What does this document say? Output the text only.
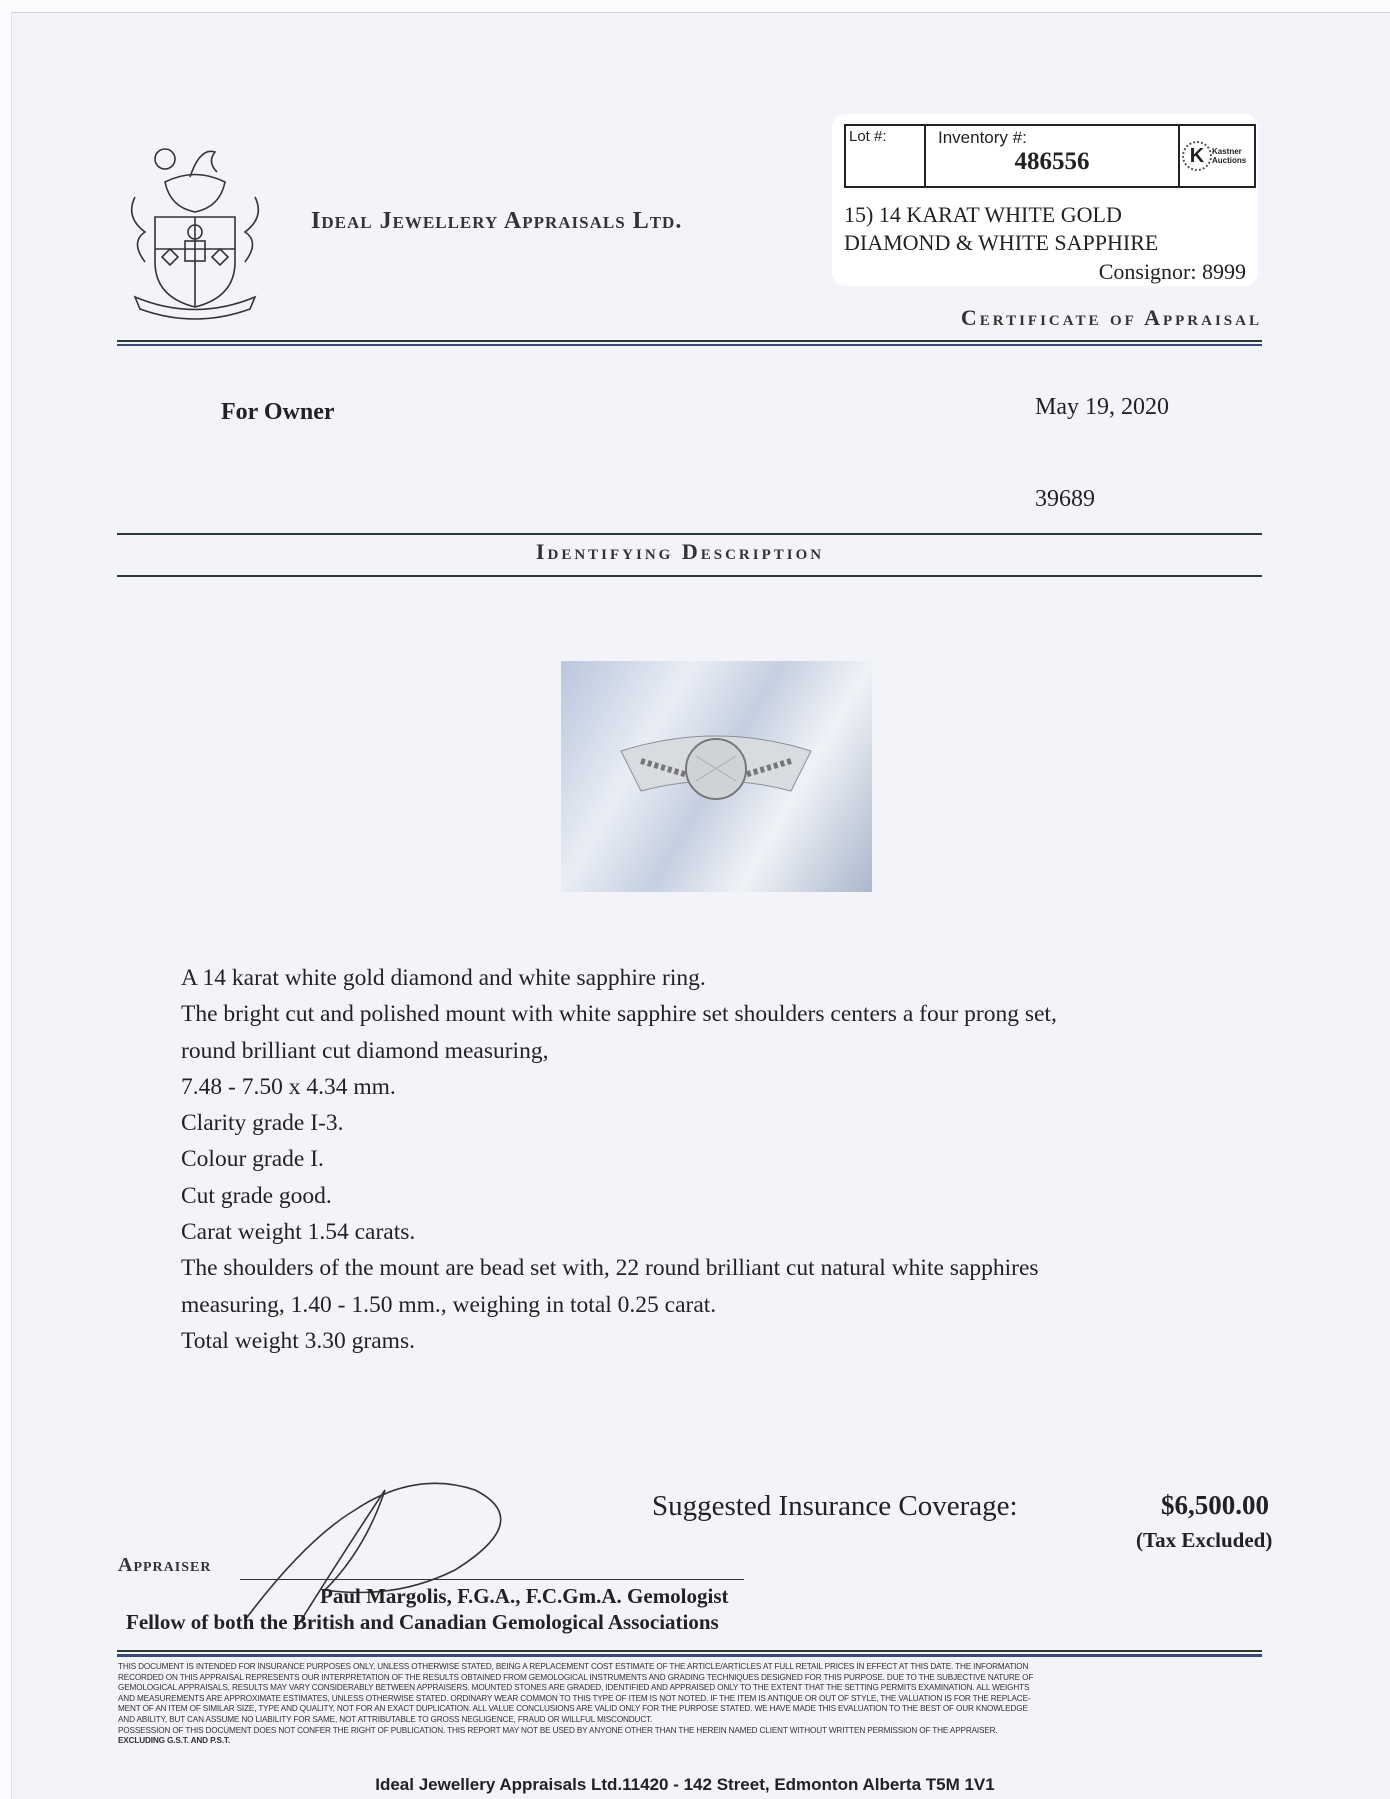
Ideal Jewellery Appraisals Ltd.
Lot #:	Inventory #:
486556	K Kastner Auctions
15) 14 KARAT WHITE GOLD
DIAMOND & WHITE SAPPHIRE
Consignor: 8999
Certificate of Appraisal
For Owner	May 19, 2020
39689
Identifying Description
A 14 karat white gold diamond and white sapphire ring.
The bright cut and polished mount with white sapphire set shoulders centers a four prong set,
round brilliant cut diamond measuring,
7.48 - 7.50 x 4.34 mm.
Clarity grade I-3.
Colour grade I.
Cut grade good.
Carat weight 1.54 carats.
The shoulders of the mount are bead set with, 22 round brilliant cut natural white sapphires
measuring, 1.40 - 1.50 mm., weighing in total 0.25 carat.
Total weight 3.30 grams.
Suggested Insurance Coverage:	$6,500.00
(Tax Excluded)
Appraiser
Paul Margolis, F.G.A., F.C.Gm.A. Gemologist
Fellow of both the British and Canadian Gemological Associations
THIS DOCUMENT IS INTENDED FOR INSURANCE PURPOSES ONLY, UNLESS OTHERWISE STATED, BEING A REPLACEMENT COST ESTIMATE OF THE ARTICLE/ARTICLES AT FULL RETAIL PRICES IN EFFECT AT THIS DATE. THE INFORMATION
RECORDED ON THIS APPRAISAL REPRESENTS OUR INTERPRETATION OF THE RESULTS OBTAINED FROM GEMOLOGICAL INSTRUMENTS AND GRADING TECHNIQUES DESIGNED FOR THIS PURPOSE. DUE TO THE SUBJECTIVE NATURE OF
GEMOLOGICAL APPRAISALS, RESULTS MAY VARY CONSIDERABLY BETWEEN APPRAISERS. MOUNTED STONES ARE GRADED, IDENTIFIED AND APPRAISED ONLY TO THE EXTENT THAT THE SETTING PERMITS EXAMINATION. ALL WEIGHTS
AND MEASUREMENTS ARE APPROXIMATE ESTIMATES, UNLESS OTHERWISE STATED. ORDINARY WEAR COMMON TO THIS TYPE OF ITEM IS NOT NOTED. IF THE ITEM IS ANTIQUE OR OUT OF STYLE, THE VALUATION IS FOR THE REPLACE-
MENT OF AN ITEM OF SIMILAR SIZE, TYPE AND QUALITY, NOT FOR AN EXACT DUPLICATION. ALL VALUE CONCLUSIONS ARE VALID ONLY FOR THE PURPOSE STATED. WE HAVE MADE THIS EVALUATION TO THE BEST OF OUR KNOWLEDGE
AND ABILITY, BUT CAN ASSUME NO LIABILITY FOR SAME, NOT ATTRIBUTABLE TO GROSS NEGLIGENCE, FRAUD OR WILLFUL MISCONDUCT.
POSSESSION OF THIS DOCUMENT DOES NOT CONFER THE RIGHT OF PUBLICATION. THIS REPORT MAY NOT BE USED BY ANYONE OTHER THAN THE HEREIN NAMED CLIENT WITHOUT WRITTEN PERMISSION OF THE APPRAISER.
EXCLUDING G.S.T. AND P.S.T.
Ideal Jewellery Appraisals Ltd.11420 - 142 Street, Edmonton Alberta T5M 1V1
